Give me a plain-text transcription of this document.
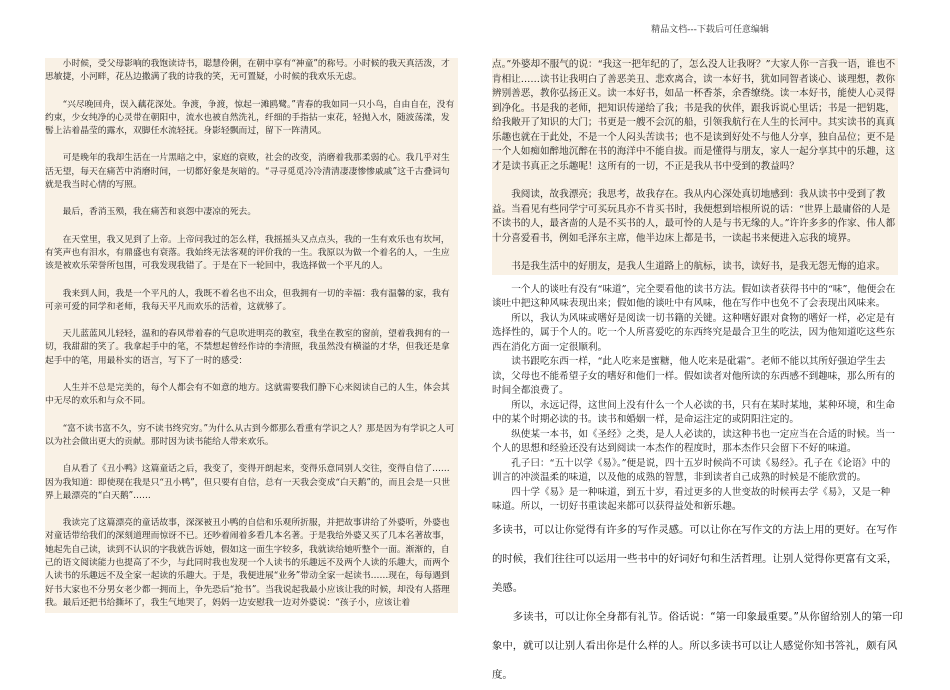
精品文档---下载后可任意编辑

小时候，受父母影响的我饱读诗书，聪慧伶俐，在朝中享有“神童”的称号。小时候的我天真活泼，才思敏捷，小河畔，花丛边撒满了我的诗我的笑，无可置疑，小时候的我欢乐无虑。

“兴尽晚回舟，误入藕花深处。争渡，争渡，惊起一滩鸥鹭。”青春的我如同一只小鸟，自由自在，没有约束，少女纯净的心灵带在朝阳中，流水也被自然洗礼，纤细的手指拈一束花，轻抛入水，随波荡漾，发髻上沾着晶莹的露水，双脚任水流轻抚。身影轻飘而过，留下一阵清风。

可是晚年的我却生活在一片黑暗之中，家庭的衰败，社会的改变，消磨着我那柔弱的心。我几乎对生活无望，每天在痛苦中消磨时间，一切都好象是灰暗的。“寻寻觅觅冷冷清清凄凄惨惨戚戚”这千古叠词句就是我当时心情的写照。

最后，香消玉殒，我在痛苦和哀怨中凄凉的死去。

在天堂里，我又见到了上帝。上帝问我过的怎么样，我摇摇头又点点头，我的一生有欢乐也有坎坷，有笑声也有泪水，有鼎盛也有衰落。我始终无法客观的评价我的一生。我原以为做一个着名的人，一生应该是被欢乐荣誉所包围，可我发现我错了。于是在下一轮回中，我选择做一个平凡的人。

我来到人间，我是一个平凡的人，我既不着名也不出众，但我拥有一切的幸福：我有温馨的家，我有可亲可爱的同学和老师，我每天平凡而欢乐的活着，这就够了。

天儿蓝蓝风儿轻轻，温和的春风带着春的气息吹进明亮的教室，我坐在教室的窗前，望着我拥有的一切，我甜甜的笑了。我拿起手中的笔，不禁想起曾经作诗的李清照，我虽然没有横溢的才华，但我还是拿起手中的笔，用最朴实的语言，写下了一时的感受：

人生并不总是完美的，每个人都会有不如意的地方。这就需要我们静下心来阅读自己的人生，体会其中无尽的欢乐和与众不同。

“富不读书富不久，穷不读书终究穷。”为什么从古到今都那么看重有学识之人？那是因为有学识之人可以为社会做出更大的贡献。那时因为读书能给人带来欢乐。

自从看了《丑小鸭》这篇童话之后，我变了，变得开朗起来，变得乐意同别人交往，变得自信了……因为我知道：即使现在我是只“丑小鸭”，但只要有自信，总有一天我会变成“白天鹅”的，而且会是一只世界上最漂亮的“白天鹅”……

我读完了这篇漂亮的童话故事，深深被丑小鸭的自信和乐观所折服，并把故事讲给了外婆听，外婆也对童话带给我们的深刻道理而惊讶不已。还吵着闹着多看几本名著。于是我给外婆又买了几本名著故事，她起先自己读，读到不认识的字我就告诉她，假如这一面生字较多，我就读给她听整个一面。渐渐的，自己的语文阅读能力也提高了不少，与此同时我也发现一个人读书的乐趣远不及两个人读的乐趣大，而两个人读书的乐趣远不及全家一起读的乐趣大。于是，我便进展“业务”带动全家一起读书……现在，每每遇到好书大家也不分男女老少都一拥而上，争先恐后“抢书”。当我说起我最小应该让我的时候，却没有人搭理我。最后还把书给撕坏了，我生气地哭了，妈妈一边安慰我一边对外婆说：“孩子小，应该让着

点。”外婆却不服气的说：“我这一把年纪的了，怎么没人让我呀？”大家人你一言我一语，谁也不肯相让……读书让我明白了善恶美丑、悲欢离合，读一本好书，犹如同智者谈心、谈理想，教你辨别善恶，教你弘扬正义。读一本好书，如品一杯香茶，余香缭绕。读一本好书，能使人心灵得到净化。书是我的老师，把知识传递给了我；书是我的伙伴，跟我诉说心里话；书是一把钥匙，给我敞开了知识的大门；书更是一艘不会沉的船，引领我航行在人生的长河中。其实读书的真真乐趣也就在于此处，不是一个人闷头苦读书；也不是读到好处不与他人分享，独自品位；更不是一个人如痴如醉地沉醉在书的海洋中不能自拔。而是懂得与朋友，家人一起分享其中的乐趣，这才是读书真正之乐趣呢！这所有的一切，不正是我从书中受到的教益吗？

我阅读，故我漂亮；我思考，故我存在。我从内心深处真切地感到：我从读书中受到了教益。当看见有些同学宁可买玩具亦不肯买书时，我便想到培根所说的话：“世界上最庸俗的人是不读书的人，最吝啬的人是不买书的人，最可怜的人是与书无缘的人。”许许多多的作家、伟人都十分喜爱看书，例如毛泽东主席，他半边床上都是书，一读起书来便进入忘我的境界。

书是我生活中的好朋友，是我人生道路上的航标，读书，读好书，是我无怨无悔的追求。

一个人的谈吐有没有“味道”，完全要看他的读书方法。假如读者获得书中的“味”，他便会在谈吐中把这种风味表现出来；假如他的谈吐中有风味，他在写作中也免不了会表现出风味来。

所以，我认为风味或嗜好是阅读一切书籍的关键。这种嗜好跟对食物的嗜好一样，必定是有选择性的，属于个人的。吃一个人所喜爱吃的东西终究是最合卫生的吃法，因为他知道吃这些东西在消化方面一定很顺利。

读书跟吃东西一样，“此人吃来是蜜糖，他人吃来是砒霜”。老师不能以其所好强迫学生去读，父母也不能希望子女的嗜好和他们一样。假如读者对他所读的东西感不到趣味，那么所有的时间全都浪费了。

所以，永远记得，这世间上没有什么一个人必读的书，只有在某时某地，某种环境，和生命中的某个时期必读的书。读书和婚姻一样，是命运注定的或阴阳注定的。

纵使某一本书，如《圣经》之类，是人人必读的，读这种书也一定应当在合适的时候。当一个人的思想和经验还没有达到阅读一本杰作的程度时，那本杰作只会留下不好的味道。

孔子曰：“五十以学《易》。”便是说，四十五岁时候尚不可读《易经》。孔子在《论语》中的训言的冲淡温柔的味道，以及他的成熟的智慧，非到读者自己成熟的时候是不能欣赏的。

四十学《易》是一种味道，到五十岁，看过更多的人世变故的时候再去学《易》，又是一种味道。所以，一切好书重读起来都可以获得益处和新乐趣。

多读书，可以让你觉得有许多的写作灵感。可以让你在写作文的方法上用的更好。在写作的时候，我们往往可以运用一些书中的好词好句和生活哲理。让别人觉得你更富有文采，美感。

多读书，可以让你全身都有礼节。俗话说：“第一印象最重要。”从你留给别人的第一印象中，就可以让别人看出你是什么样的人。所以多读书可以让人感觉你知书答礼，颇有风度。
